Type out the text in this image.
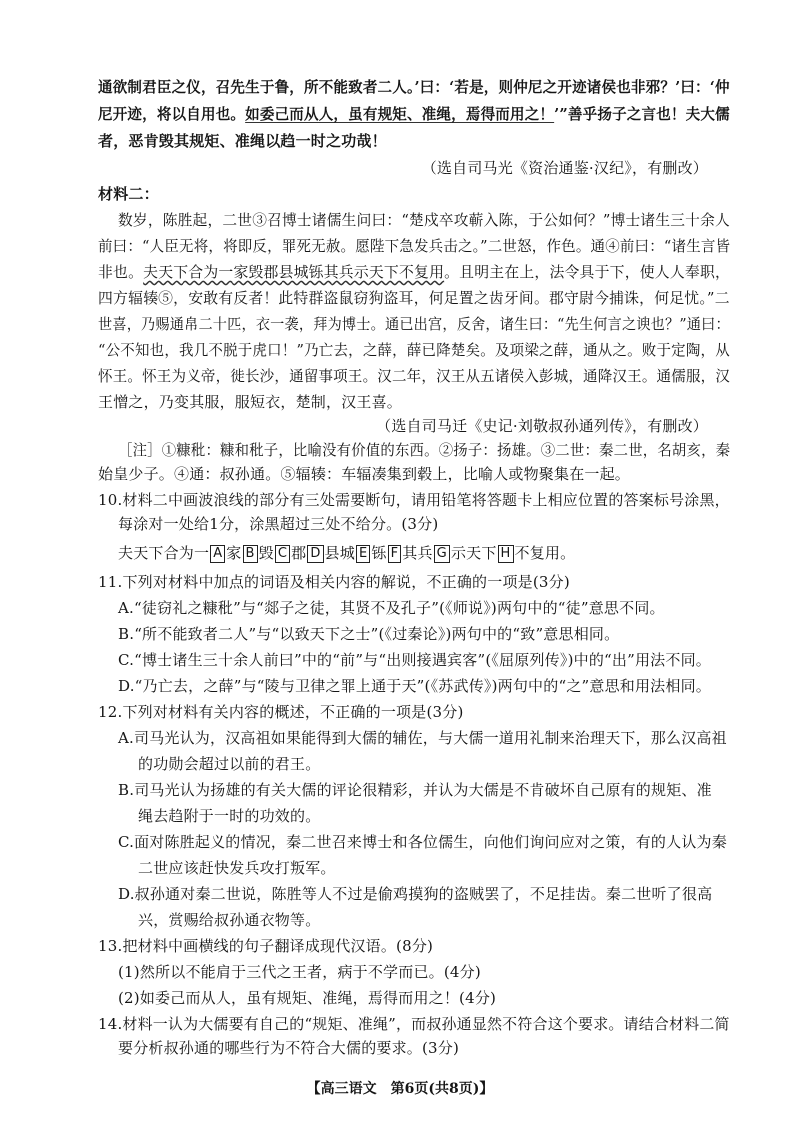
通欲制君臣之仪，召先生于鲁，所不能致者二人。’曰：‘若是，则仲尼之开迹诸侯也非邪？’曰：‘仲
尼开迹，将以自用也。如委己而从人，虽有规矩、准绳，焉得而用之！’”善乎扬子之言也！夫大儒
者，恶肯毁其规矩、准绳以趋一时之功哉！
（选自司马光《资治通鉴·汉纪》，有删改）
材料二：
数岁，陈胜起，二世③召博士诸儒生问曰：“楚戍卒攻蕲入陈，于公如何？”博士诸生三十余人
前曰：“人臣无将，将即反，罪死无赦。愿陛下急发兵击之。”二世怒，作色。通④前曰：“诸生言皆
非也。夫天下合为一家毁郡县城铄其兵示天下不复用。且明主在上，法令具于下，使人人奉职，
四方辐辏⑤，安敢有反者！此特群盗鼠窃狗盗耳，何足置之齿牙间。郡守尉今捕诛，何足忧。”二
世喜，乃赐通帛二十匹，衣一袭，拜为博士。通已出宫，反舍，诸生曰：“先生何言之谀也？”通曰：
“公不知也，我几不脱于虎口！”乃亡去，之薛，薛已降楚矣。及项梁之薛，通从之。败于定陶，从
怀王。怀王为义帝，徙长沙，通留事项王。汉二年，汉王从五诸侯入彭城，通降汉王。通儒服，汉
王憎之，乃变其服，服短衣，楚制，汉王喜。
（选自司马迁《史记·刘敬叔孙通列传》，有删改）
［注］①糠秕：糠和秕子，比喻没有价值的东西。②扬子：扬雄。③二世：秦二世，名胡亥，秦
始皇少子。④通：叔孙通。⑤辐辏：车辐凑集到毂上，比喻人或物聚集在一起。
10.材料二中画波浪线的部分有三处需要断句，请用铅笔将答题卡上相应位置的答案标号涂黑，
每涂对一处给1分，涂黑超过三处不给分。(3分)
夫天下合为一 A 家 B 毁 C 郡 D 县城 E 铄 F 其兵 G 示天下 H 不复用。
11.下列对材料中加点的词语及相关内容的解说，不正确的一项是(3分)
A.“徒窃礼之糠秕”与“郯子之徒，其贤不及孔子”(《师说》)两句中的“徒”意思不同。
B.“所不能致者二人”与“以致天下之士”(《过秦论》)两句中的“致”意思相同。
C.“博士诸生三十余人前曰”中的“前”与“出则接遇宾客”(《屈原列传》)中的“出”用法不同。
D.“乃亡去，之薛”与“陵与卫律之罪上通于天”(《苏武传》)两句中的“之”意思和用法相同。
12.下列对材料有关内容的概述，不正确的一项是(3分)
A.司马光认为，汉高祖如果能得到大儒的辅佐，与大儒一道用礼制来治理天下，那么汉高祖
的功勋会超过以前的君王。
B.司马光认为扬雄的有关大儒的评论很精彩，并认为大儒是不肯破坏自己原有的规矩、准
绳去趋附于一时的功效的。
C.面对陈胜起义的情况，秦二世召来博士和各位儒生，向他们询问应对之策，有的人认为秦
二世应该赶快发兵攻打叛军。
D.叔孙通对秦二世说，陈胜等人不过是偷鸡摸狗的盗贼罢了，不足挂齿。秦二世听了很高
兴，赏赐给叔孙通衣物等。
13.把材料中画横线的句子翻译成现代汉语。(8分)
(1)然所以不能肩于三代之王者，病于不学而已。(4分)
(2)如委己而从人，虽有规矩、准绳，焉得而用之！(4分)
14.材料一认为大儒要有自己的“规矩、准绳”，而叔孙通显然不符合这个要求。请结合材料二简
要分析叔孙通的哪些行为不符合大儒的要求。(3分)
【高三语文　第6页(共8页)】
